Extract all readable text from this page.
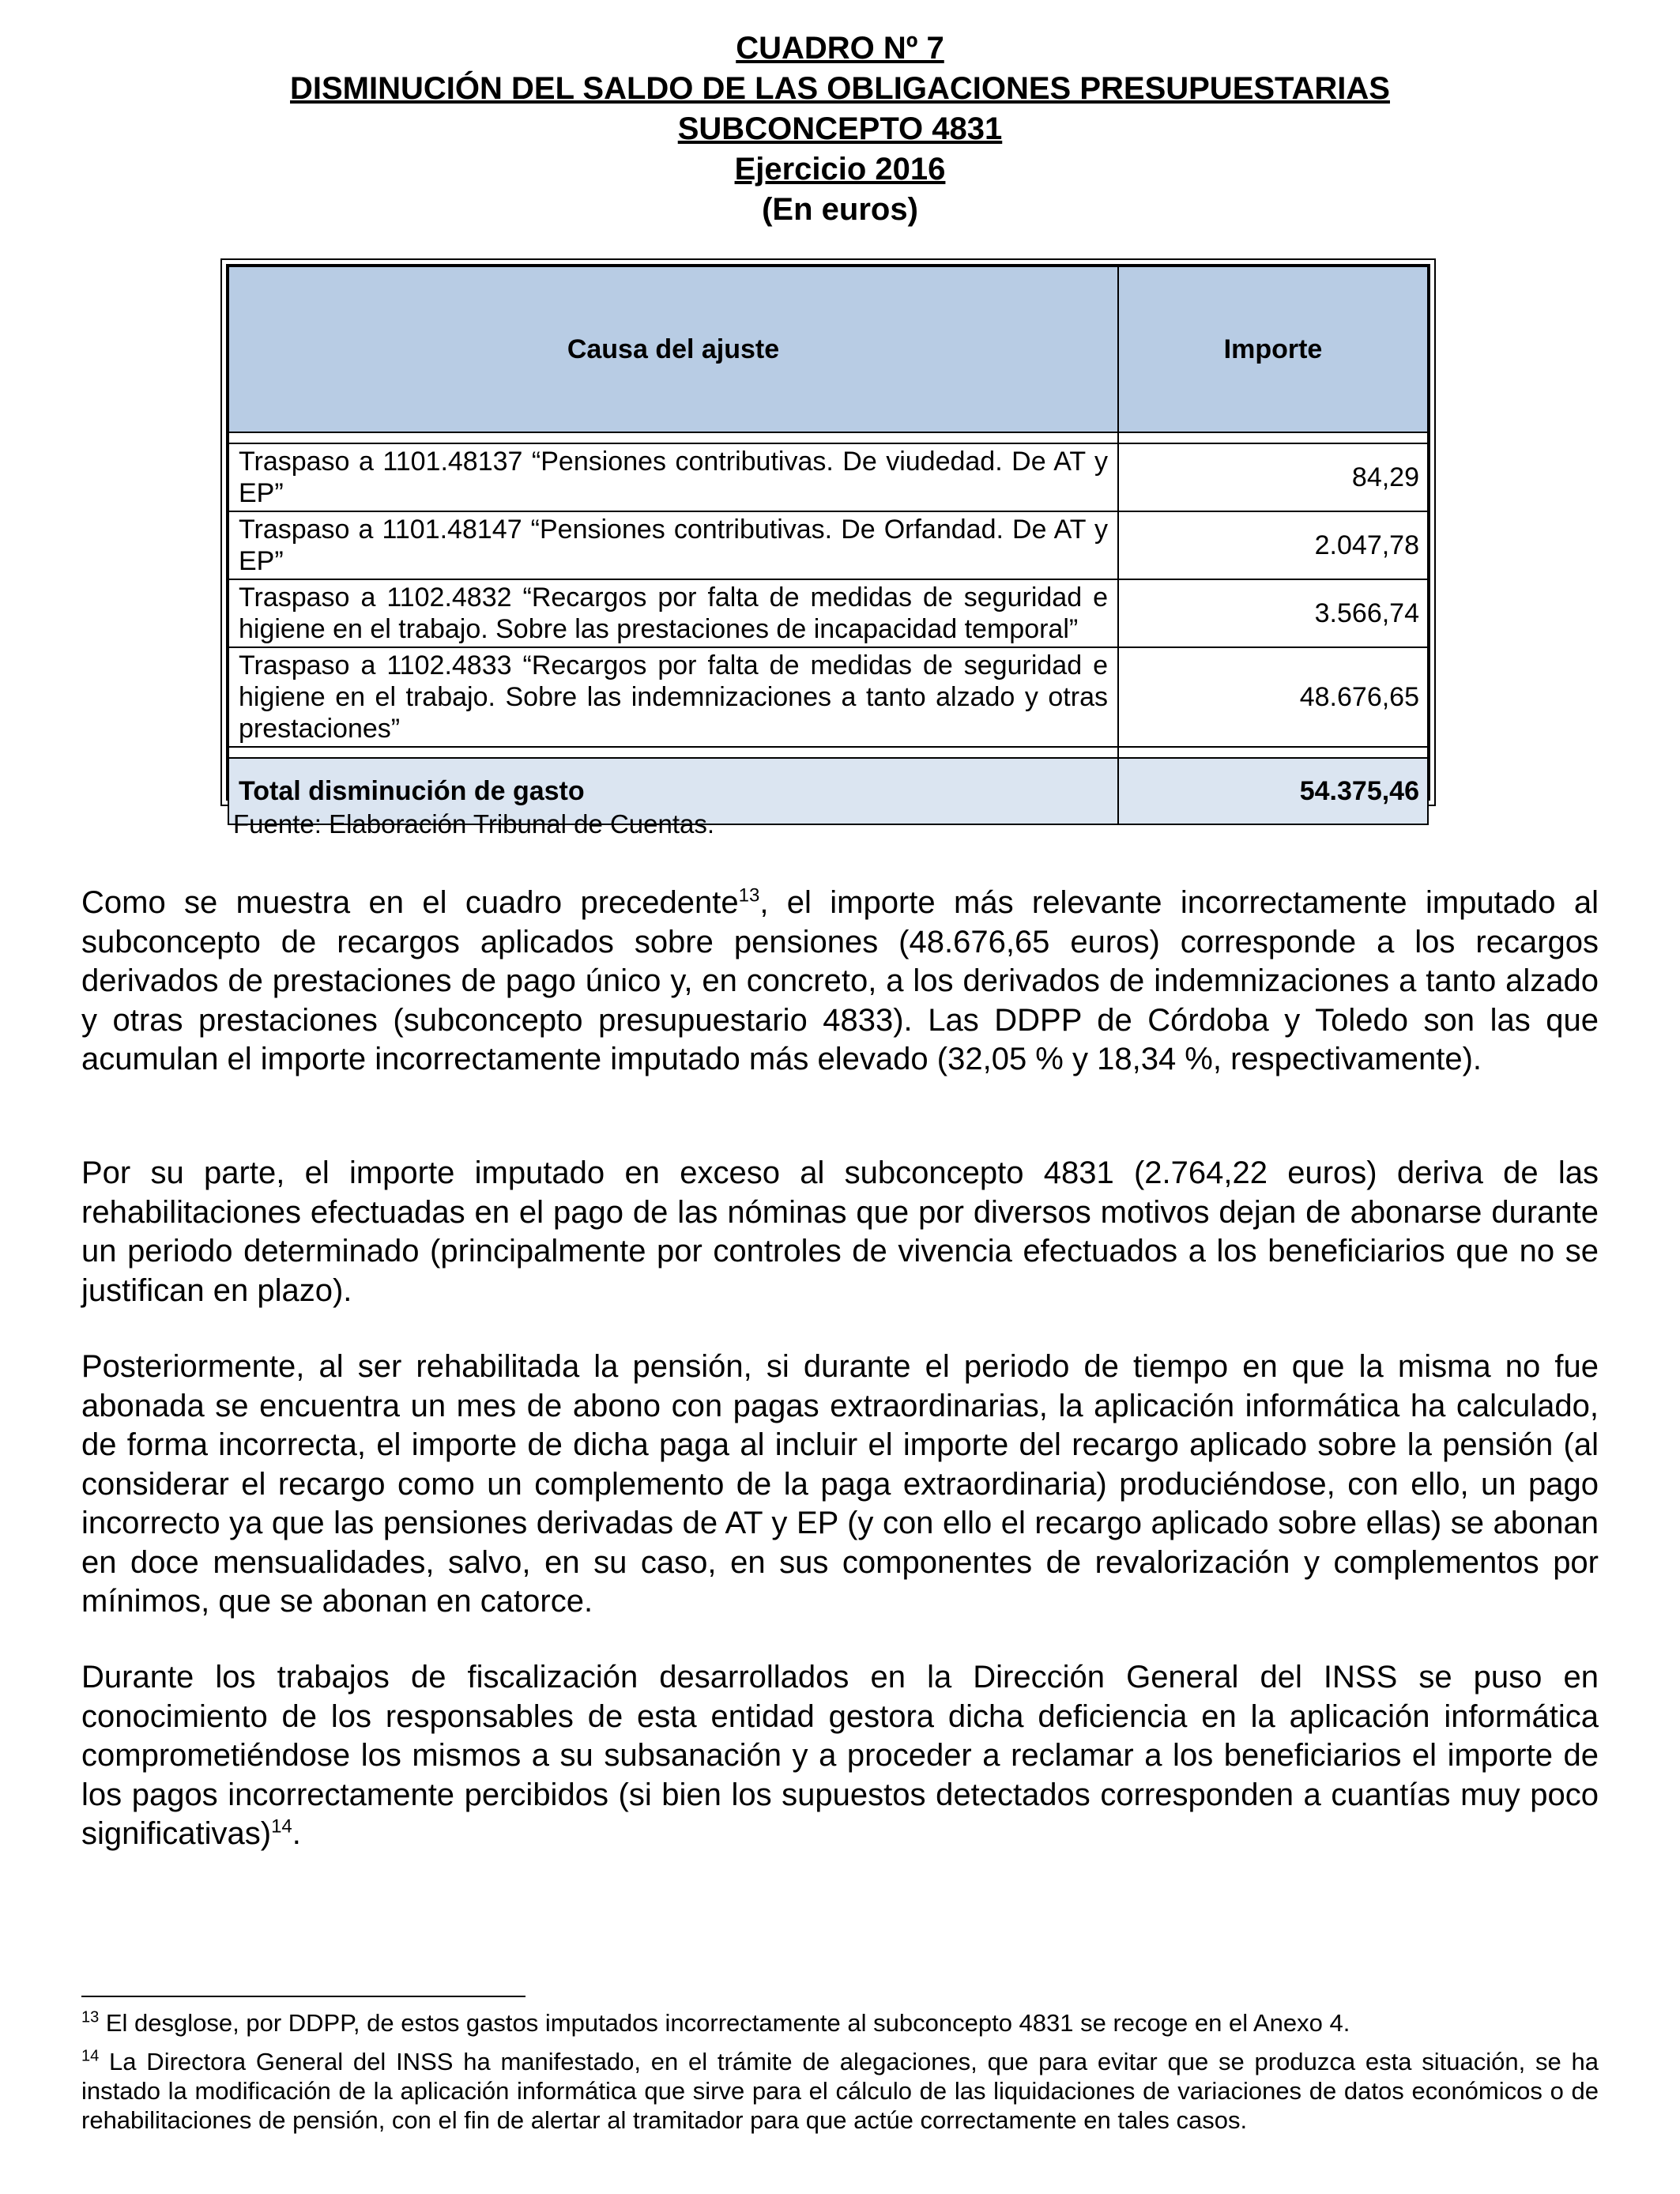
CUADRO Nº 7
DISMINUCIÓN DEL SALDO DE LAS OBLIGACIONES PRESUPUESTARIAS
SUBCONCEPTO 4831
Ejercicio 2016
(En euros)
Causa del ajuste	Importe

Traspaso a 1101.48137 “Pensiones contributivas. De viudedad. De AT y EP”	84,29
Traspaso a 1101.48147 “Pensiones contributivas. De Orfandad. De AT y EP”	2.047,78
Traspaso a 1102.4832 “Recargos por falta de medidas de seguridad e higiene en el trabajo. Sobre las prestaciones de incapacidad temporal”	3.566,74
Traspaso a 1102.4833 “Recargos por falta de medidas de seguridad e higiene en el trabajo. Sobre las indemnizaciones a tanto alzado y otras prestaciones”	48.676,65

Total disminución de gasto	54.375,46
Fuente: Elaboración Tribunal de Cuentas.
Como se muestra en el cuadro precedente$^{13}$, el importe más relevante incorrectamente imputado al subconcepto de recargos aplicados sobre pensiones (48.676,65 euros) corresponde a los recargos derivados de prestaciones de pago único y, en concreto, a los derivados de indemnizaciones a tanto alzado y otras prestaciones (subconcepto presupuestario 4833). Las DDPP de Córdoba y Toledo son las que acumulan el importe incorrectamente imputado más elevado (32,05 % y 18,34 %, respectivamente).
Por su parte, el importe imputado en exceso al subconcepto 4831 (2.764,22 euros) deriva de las rehabilitaciones efectuadas en el pago de las nóminas que por diversos motivos dejan de abonarse durante un periodo determinado (principalmente por controles de vivencia efectuados a los beneficiarios que no se justifican en plazo).
Posteriormente, al ser rehabilitada la pensión, si durante el periodo de tiempo en que la misma no fue abonada se encuentra un mes de abono con pagas extraordinarias, la aplicación informática ha calculado, de forma incorrecta, el importe de dicha paga al incluir el importe del recargo aplicado sobre la pensión (al considerar el recargo como un complemento de la paga extraordinaria) produciéndose, con ello, un pago incorrecto ya que las pensiones derivadas de AT y EP (y con ello el recargo aplicado sobre ellas) se abonan en doce mensualidades, salvo, en su caso, en sus componentes de revalorización y complementos por mínimos, que se abonan en catorce.
Durante los trabajos de fiscalización desarrollados en la Dirección General del INSS se puso en conocimiento de los responsables de esta entidad gestora dicha deficiencia en la aplicación informática comprometiéndose los mismos a su subsanación y a proceder a reclamar a los beneficiarios el importe de los pagos incorrectamente percibidos (si bien los supuestos detectados corresponden a cuantías muy poco significativas)$^{14}$.
$^{13}$ El desglose, por DDPP, de estos gastos imputados incorrectamente al subconcepto 4831 se recoge en el Anexo 4.
$^{14}$ La Directora General del INSS ha manifestado, en el trámite de alegaciones, que para evitar que se produzca esta situación, se ha instado la modificación de la aplicación informática que sirve para el cálculo de las liquidaciones de variaciones de datos económicos o de rehabilitaciones de pensión, con el fin de alertar al tramitador para que actúe correctamente en tales casos.
